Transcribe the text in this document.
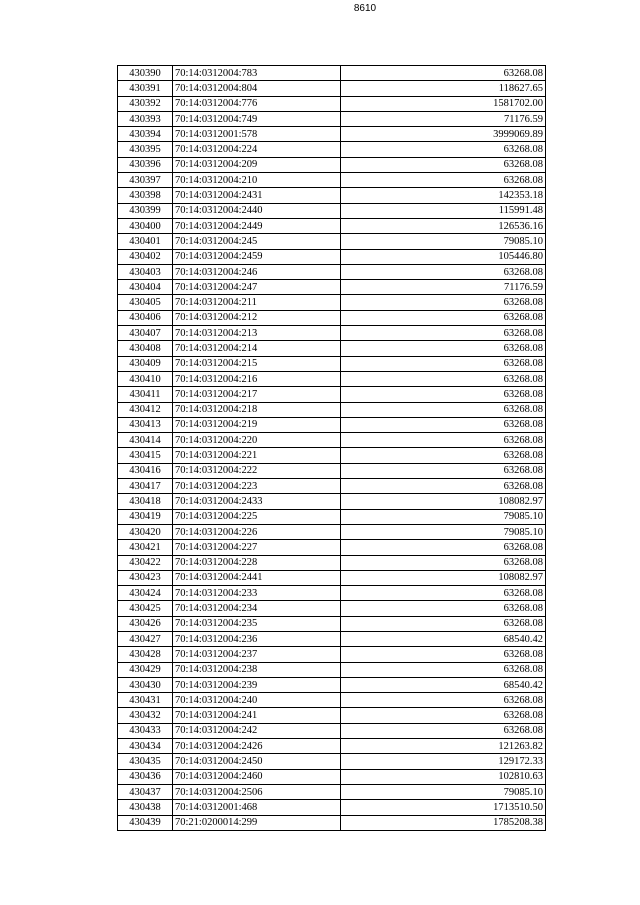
8610
430390	70:14:0312004:783	63268.08
430391	70:14:0312004:804	118627.65
430392	70:14:0312004:776	1581702.00
430393	70:14:0312004:749	71176.59
430394	70:14:0312001:578	3999069.89
430395	70:14:0312004:224	63268.08
430396	70:14:0312004:209	63268.08
430397	70:14:0312004:210	63268.08
430398	70:14:0312004:2431	142353.18
430399	70:14:0312004:2440	115991.48
430400	70:14:0312004:2449	126536.16
430401	70:14:0312004:245	79085.10
430402	70:14:0312004:2459	105446.80
430403	70:14:0312004:246	63268.08
430404	70:14:0312004:247	71176.59
430405	70:14:0312004:211	63268.08
430406	70:14:0312004:212	63268.08
430407	70:14:0312004:213	63268.08
430408	70:14:0312004:214	63268.08
430409	70:14:0312004:215	63268.08
430410	70:14:0312004:216	63268.08
430411	70:14:0312004:217	63268.08
430412	70:14:0312004:218	63268.08
430413	70:14:0312004:219	63268.08
430414	70:14:0312004:220	63268.08
430415	70:14:0312004:221	63268.08
430416	70:14:0312004:222	63268.08
430417	70:14:0312004:223	63268.08
430418	70:14:0312004:2433	108082.97
430419	70:14:0312004:225	79085.10
430420	70:14:0312004:226	79085.10
430421	70:14:0312004:227	63268.08
430422	70:14:0312004:228	63268.08
430423	70:14:0312004:2441	108082.97
430424	70:14:0312004:233	63268.08
430425	70:14:0312004:234	63268.08
430426	70:14:0312004:235	63268.08
430427	70:14:0312004:236	68540.42
430428	70:14:0312004:237	63268.08
430429	70:14:0312004:238	63268.08
430430	70:14:0312004:239	68540.42
430431	70:14:0312004:240	63268.08
430432	70:14:0312004:241	63268.08
430433	70:14:0312004:242	63268.08
430434	70:14:0312004:2426	121263.82
430435	70:14:0312004:2450	129172.33
430436	70:14:0312004:2460	102810.63
430437	70:14:0312004:2506	79085.10
430438	70:14:0312001:468	1713510.50
430439	70:21:0200014:299	1785208.38
